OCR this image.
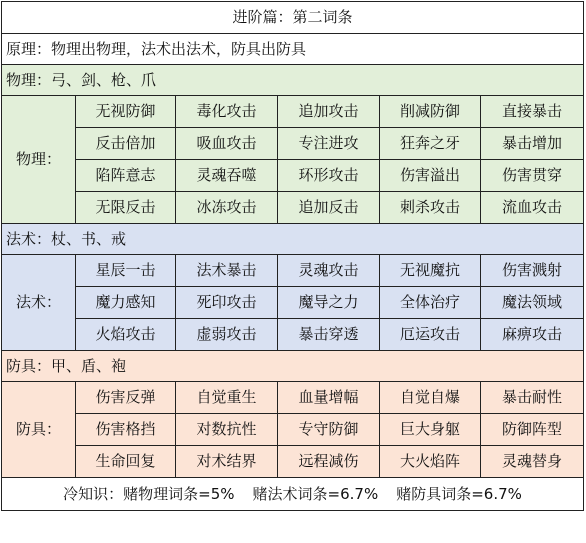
进阶篇：第二词条					
原理：物理出物理，法术出法术，防具出防具					
物理：弓、剑、枪、爪					
物理：	无视防御	毒化攻击	追加攻击	削减防御	直接暴击
	反击倍加	吸血攻击	专注进攻	狂奔之牙	暴击增加
	陷阵意志	灵魂吞噬	环形攻击	伤害溢出	伤害贯穿
	无限反击	冰冻攻击	追加反击	刺杀攻击	流血攻击
法术：杖、书、戒					
法术：	星辰一击	法术暴击	灵魂攻击	无视魔抗	伤害溅射
	魔力感知	死印攻击	魔导之力	全体治疗	魔法领域
	火焰攻击	虚弱攻击	暴击穿透	厄运攻击	麻痹攻击
防具：甲、盾、袍					
防具：	伤害反弹	自觉重生	血量增幅	自觉自爆	暴击耐性
	伤害格挡	对数抗性	专守防御	巨大身躯	防御阵型
	生命回复	对术结界	远程减伤	大火焰阵	灵魂替身
冷知识：赌物理词条=5% 赌法术词条=6.7% 赌防具词条=6.7%					
